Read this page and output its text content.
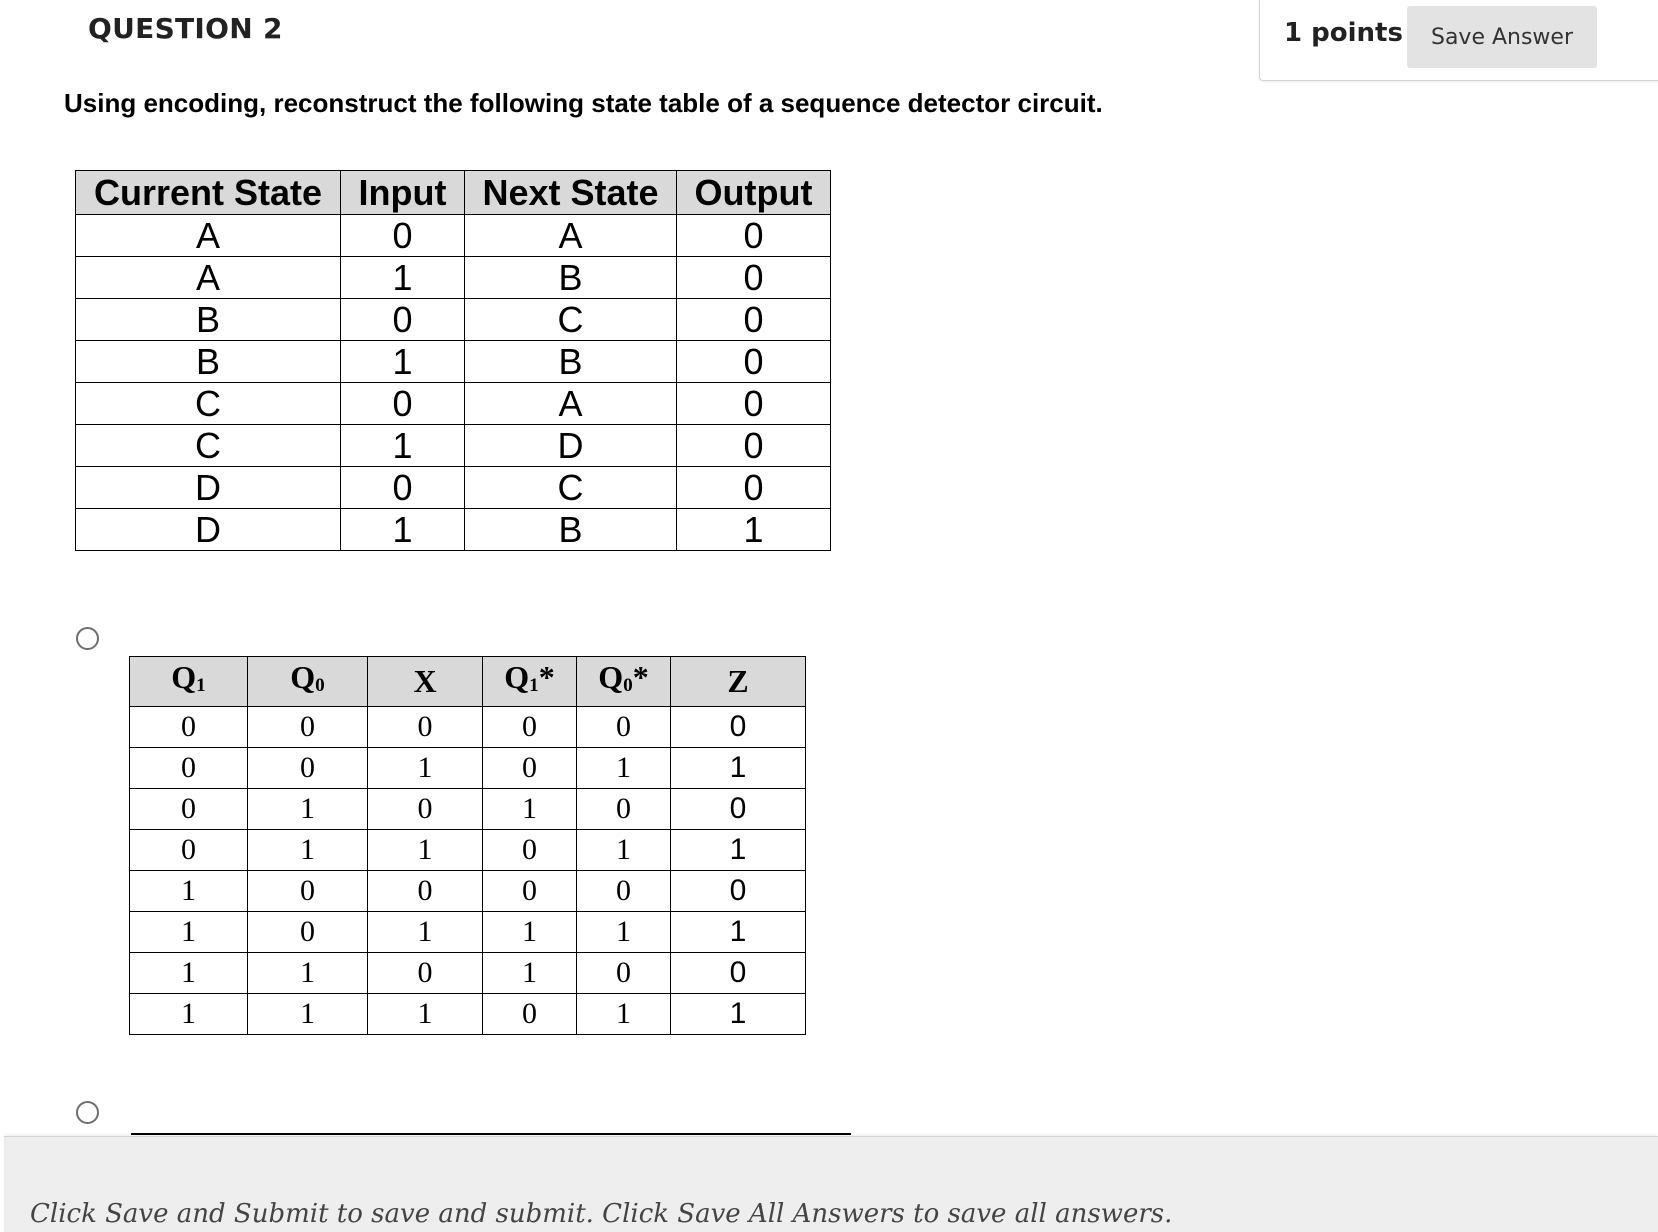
QUESTION 2	1 points	Save Answer
Using encoding, reconstruct the following state table of a sequence detector circuit.
Current State	Input	Next State	Output
A	0	A	0
A	1	B	0
B	0	C	0
B	1	B	0
C	0	A	0
C	1	D	0
D	0	C	0
D	1	B	1
$Q_1$	$Q_0$	X	$Q_1*$	$Q_0*$	Z
0	0	0	0	0	0
0	0	1	0	1	1
0	1	0	1	0	0
0	1	1	0	1	1
1	0	0	0	0	0
1	0	1	1	1	1
1	1	0	1	0	0
1	1	1	0	1	1
Click Save and Submit to save and submit. Click Save All Answers to save all answers.
